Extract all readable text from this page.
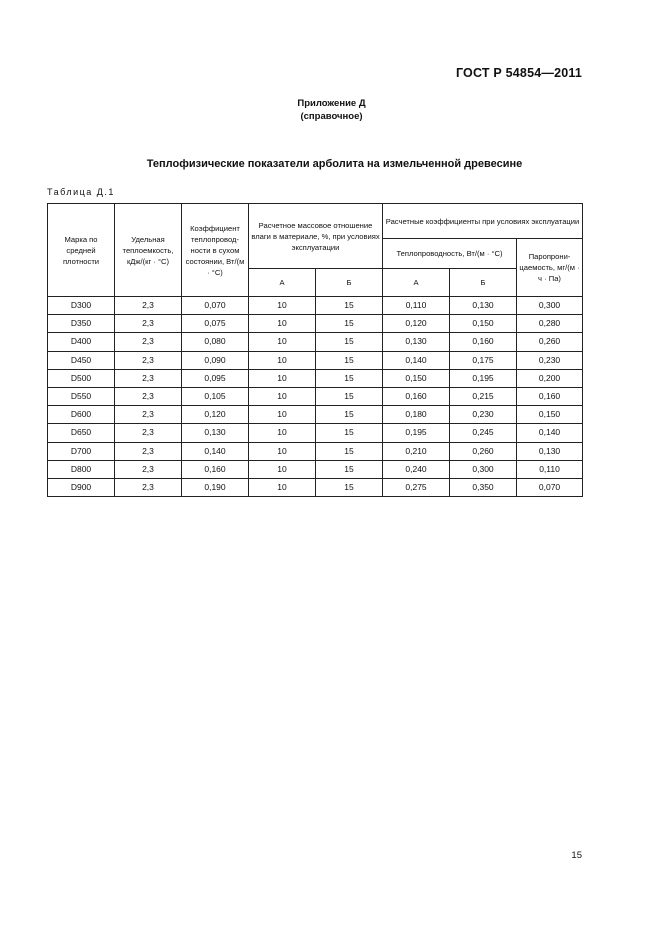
ГОСТ Р 54854—2011
Приложение Д
(справочное)
Теплофизические показатели арболита на измельченной древесине
Таблица Д.1
Марка по средней плотности	Удельная теплоемкость, кДж/(кг · °С)	Коэффициент теплопровод-ности в сухом состоянии, Вт/(м · °С)	Расчетное массовое отношение влаги в материале, %, при условиях эксплуатации		Расчетные коэффициенты при условиях эксплуатации		
					Теплопроводность, Вт/(м · °С)		Паропрони-цаемость, мг/(м · ч · Па)
			А	Б	А	Б	
D300	2,3	0,070	10	15	0,110	0,130	0,300
D350	2,3	0,075	10	15	0,120	0,150	0,280
D400	2,3	0,080	10	15	0,130	0,160	0,260
D450	2,3	0,090	10	15	0,140	0,175	0,230
D500	2,3	0,095	10	15	0,150	0,195	0,200
D550	2,3	0,105	10	15	0,160	0,215	0,160
D600	2,3	0,120	10	15	0,180	0,230	0,150
D650	2,3	0,130	10	15	0,195	0,245	0,140
D700	2,3	0,140	10	15	0,210	0,260	0,130
D800	2,3	0,160	10	15	0,240	0,300	0,110
D900	2,3	0,190	10	15	0,275	0,350	0,070
15
